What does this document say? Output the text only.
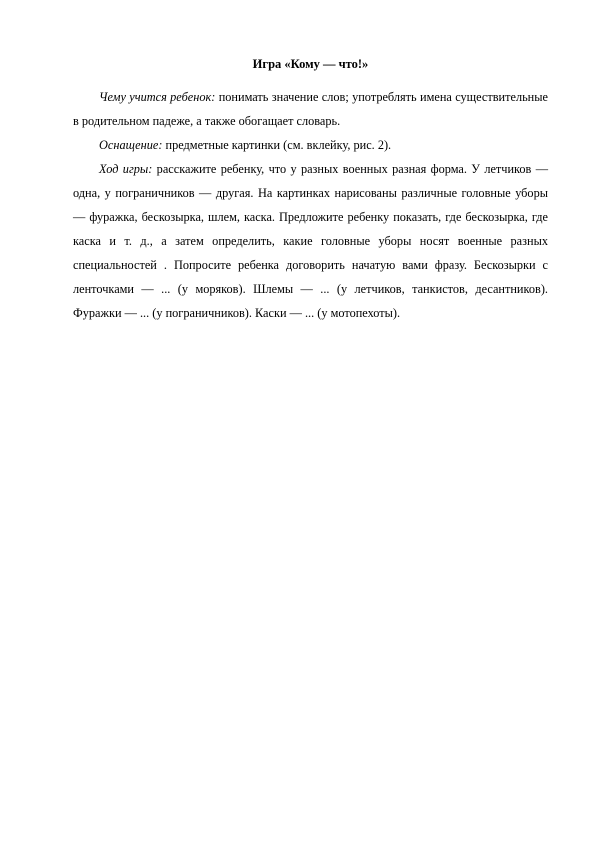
Игра «Кому — что!»

Чему учится ребенок: понимать значение слов; употреблять имена существительные в родительном падеже, а также обогащает словарь.

Оснащение: предметные картинки (см. вклейку, рис. 2).

Ход игры: расскажите ребенку, что у разных военных разная форма. У летчиков — одна, у пограничников — другая. На картинках нарисованы различные головные уборы — фуражка, бескозырка, шлем, каска. Предложите ребенку показать, где бескозырка, где каска и т. д., а затем определить, какие головные уборы носят военные разных специальностей . Попросите ребенка договорить начатую вами фразу. Бескозырки с ленточками — ... (у моряков). Шлемы — ... (у летчиков, танкистов, десантников). Фуражки — ... (у пограничников). Каски — ... (у мотопехоты).
